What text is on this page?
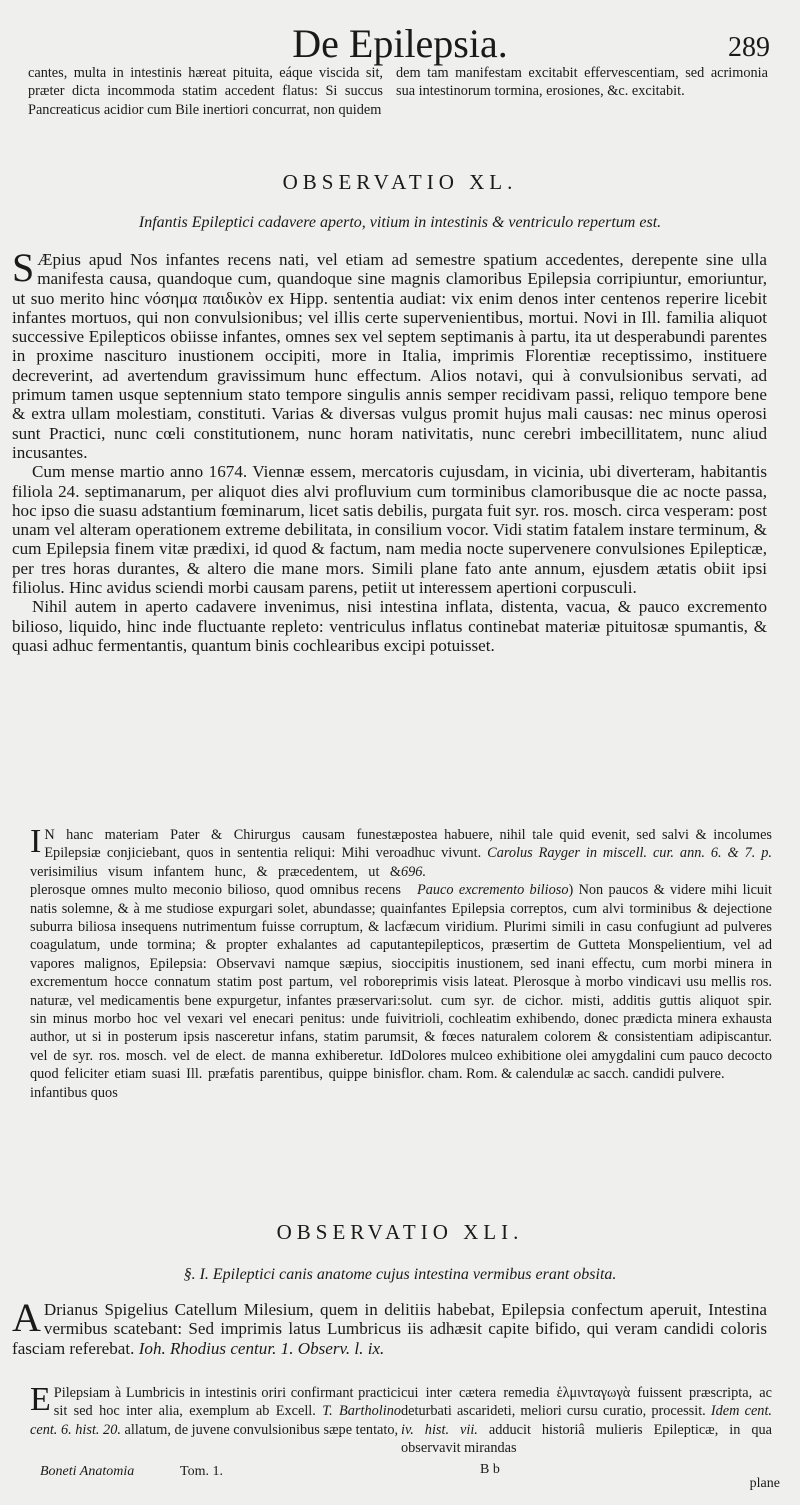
De Epilepsia.	289

cantes, multa in intestinis hæreat pituita, eáque viscida sit, præter dicta incommoda statim accedent flatus: Si succus Pancreaticus acidior cum Bile inertiori concurrat, non quidem

dem tam manifestam excitabit effervescentiam, sed acrimonia sua intestinorum tormina, erosiones, &c. excitabit.

OBSERVATIO XL.
Infantis Epileptici cadavere aperto, vitium in intestinis & ventriculo repertum est.

S Æpius apud Nos infantes recens nati, vel etiam ad semestre spatium accedentes, derepente sine ulla manifesta causa, quandoque cum, quandoque sine magnis clamoribus Epilepsia corripiuntur, emoriuntur, ut suo merito hinc νόσημα παιδικὸν ex Hipp. sententia audiat: vix enim denos inter centenos reperire licebit infantes mortuos, qui non convulsionibus; vel illis certe supervenientibus, mortui. Novi in Ill. familia aliquot successive Epilepticos obiisse infantes, omnes sex vel septem septimanis à partu, ita ut desperabundi parentes in proxime nasciturо inustionem occipiti, more in Italia, imprimis Florentiæ receptissimo, instituere decreverint, ad avertendum gravissimum hunc effectum. Alios notavi, qui à convulsionibus servati, ad primum tamen usque septennium stato tempore singulis annis semper recidivam passi, reliquo tempore bene & extra ullam molestiam, constituti. Varias & diversas vulgus promit hujus mali causas: nec minus operosi sunt Practici, nunc cœli constitutionem, nunc horam nativitatis, nunc cerebri imbecillitatem, nunc aliud incusantes.

Cum mense martio anno 1674. Viennæ essem, mercatoris cujusdam, in vicinia, ubi diverteram, habitantis filiola 24. septimanarum, per aliquot dies alvi profluvium cum torminibus clamoribusque die ac nocte passa, hoc ipso die suasu adstantium fœminarum, licet satis debilis, purgata fuit syr. ros. mosch. circa vesperam: post unam vel alteram operationem extreme debilitata, in consilium vocor. Vidi statim fatalem instare terminum, & cum Epilepsia finem vitæ prædixi, id quod & factum, nam media nocte supervenere convulsiones Epilepticæ, per tres horas durantes, & altero die mane mors. Simili plane fato ante annum, ejusdem ætatis obiit ipsi filiolus. Hinc avidus sciendi morbi causam parens, petiit ut interessem apertioni corpusculi.

Nihil autem in aperto cadavere invenimus, nisi intestina inflata, distenta, vacua, & pauco excremento bilioso, liquido, hinc inde fluctuante repleto: ventriculus inflatus continebat materiæ pituitosæ spumantis, & quasi adhuc fermentantis, quantum binis cochlearibus excipi potuisset.

I N hanc materiam Pater & Chirurgus causam funestæ Epilepsiæ conjiciebant, quos in sententia reliqui: Mihi vero verisimilius visum infantem hunc, & præcedentem, ut & plerosque omnes multo meconio bilioso, quod omnibus recens natis solemne, & à me studiose expurgari solet, abundasse; qua suburra biliosa insequens nutrimentum fuisse corruptum, & lac coagulatum, unde tormina; & propter exhalantes ad caput vapores malignos, Epilepsia: Observavi namque sæpius, si excrementum hocce connatum statim post partum, vel robore naturæ, vel medicamentis bene expurgetur, infantes præservari: sin minus morbo hoc vel vexari vel enecari penitus: unde fui author, ut si in posterum ipsis nasceretur infans, statim parum vel de syr. ros. mosch. vel de elect. de manna exhiberetur. Id quod feliciter etiam suasi Ill. præfatis parentibus, quippe binis infantibus quos

postea habuere, nihil tale quid evenit, sed salvi & incolumes adhuc vivunt. Carolus Rayger in miscell. cur. ann. 6. & 7. p. 696.

Pauco excremento bilioso) Non paucos & videre mihi licuit infantes Epilepsia correptos, cum alvi torminibus & dejectione fæcum viridium. Plurimi simili in casu confugiunt ad pulveres antepilepticos, præsertim de Gutteta Monspelientium, vel ad occipitis inustionem, sed inani effectu, cum morbi minera in primis visis lateat. Plerosque à morbo vindicavi usu mellis ros. solut. cum syr. de cichor. misti, additis guttis aliquot spir. vitrioli, cochleatim exhibendo, donec prædicta minera exhausta sit, & fœces naturalem colorem & consistentiam adipiscantur. Dolores mulceo exhibitione olei amygdalini cum pauco decocto flor. cham. Rom. & calendulæ ac sacch. candidi pulvere.

OBSERVATIO XLI.
§. I. Epileptici canis anatome cujus intestina vermibus erant obsita.

A Drianus Spigelius Catellum Milesium, quem in delitiis habebat, Epilepsia confectum aperuit, Intestina vermibus scatebant: Sed imprimis latus Lumbricus iis adhæsit capite bifido, qui veram candidi coloris fasciam referebat. Ioh. Rhodius centur. 1. Observ. l. ix.

E Pilepsiam à Lumbricis in intestinis oriri confirmant practici sit sed hoc inter alia, exemplum ab Excell. T. Bartholino cent. 6. hist. 20. allatum, de juvene convulsionibus sæpe tentato,

cui inter cætera remedia ἑλμινταγωγὰ fuissent præscripta, ac deturbati ascarideti, meliori cursu curatio, processit. Idem cent. iv. hist. vii. adducit historiâ mulieris Epilepticæ, in qua observavit mirandas

Boneti Anatomia	Tom. 1.	B b
plane
